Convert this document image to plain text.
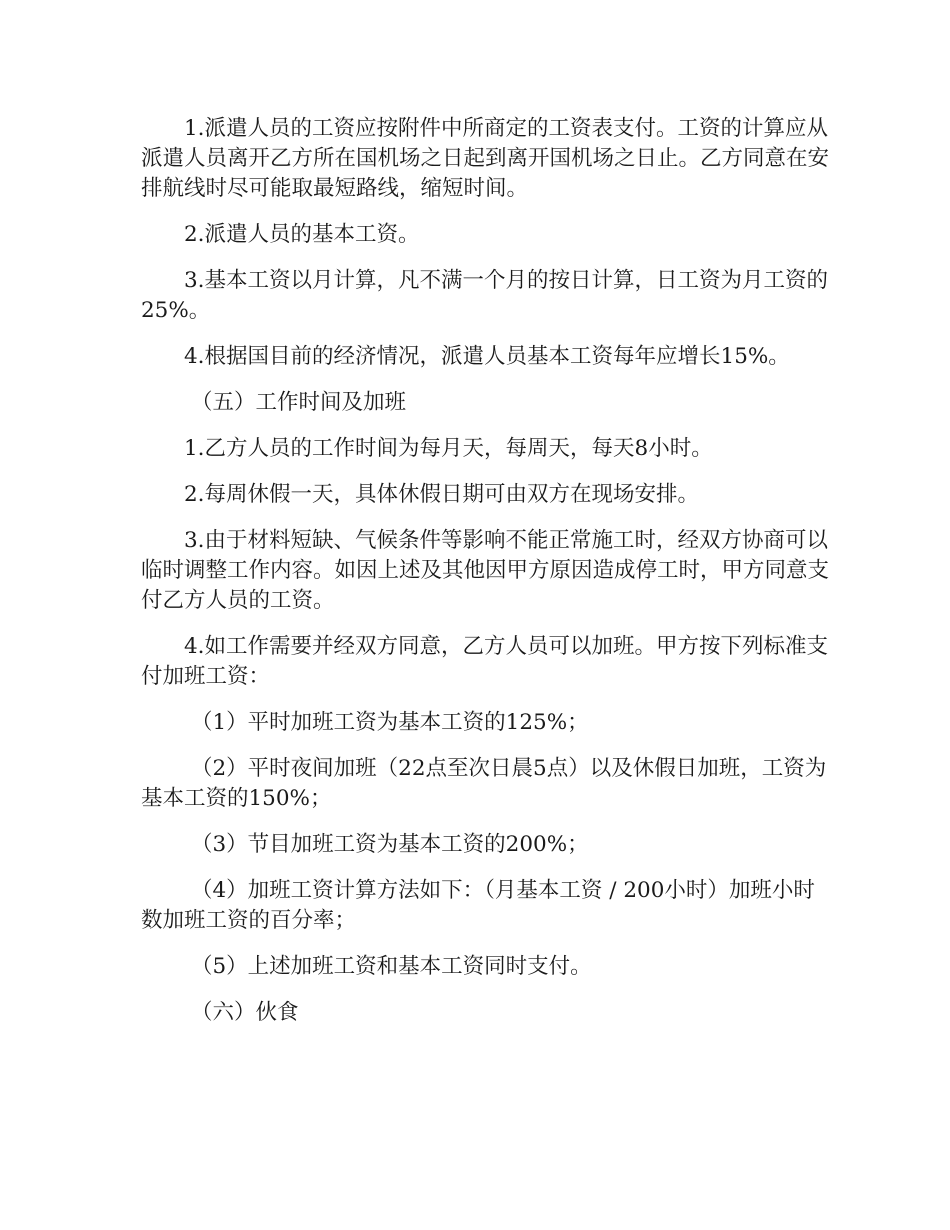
1.派遣人员的工资应按附件中所商定的工资表支付。工资的计算应从派遣人员离开乙方所在国机场之日起到离开国机场之日止。乙方同意在安排航线时尽可能取最短路线，缩短时间。

2.派遣人员的基本工资。

3.基本工资以月计算，凡不满一个月的按日计算，日工资为月工资的25%。

4.根据国目前的经济情况，派遣人员基本工资每年应增长15%。

（五）工作时间及加班

1.乙方人员的工作时间为每月天，每周天，每天8小时。

2.每周休假一天，具体休假日期可由双方在现场安排。

3.由于材料短缺、气候条件等影响不能正常施工时，经双方协商可以临时调整工作内容。如因上述及其他因甲方原因造成停工时，甲方同意支付乙方人员的工资。

4.如工作需要并经双方同意，乙方人员可以加班。甲方按下列标准支付加班工资：

（1）平时加班工资为基本工资的125%；

（2）平时夜间加班（22点至次日晨5点）以及休假日加班，工资为基本工资的150%；

（3）节目加班工资为基本工资的200%；

（4）加班工资计算方法如下：（月基本工资 / 200小时）加班小时数加班工资的百分率；

（5）上述加班工资和基本工资同时支付。

（六）伙食
